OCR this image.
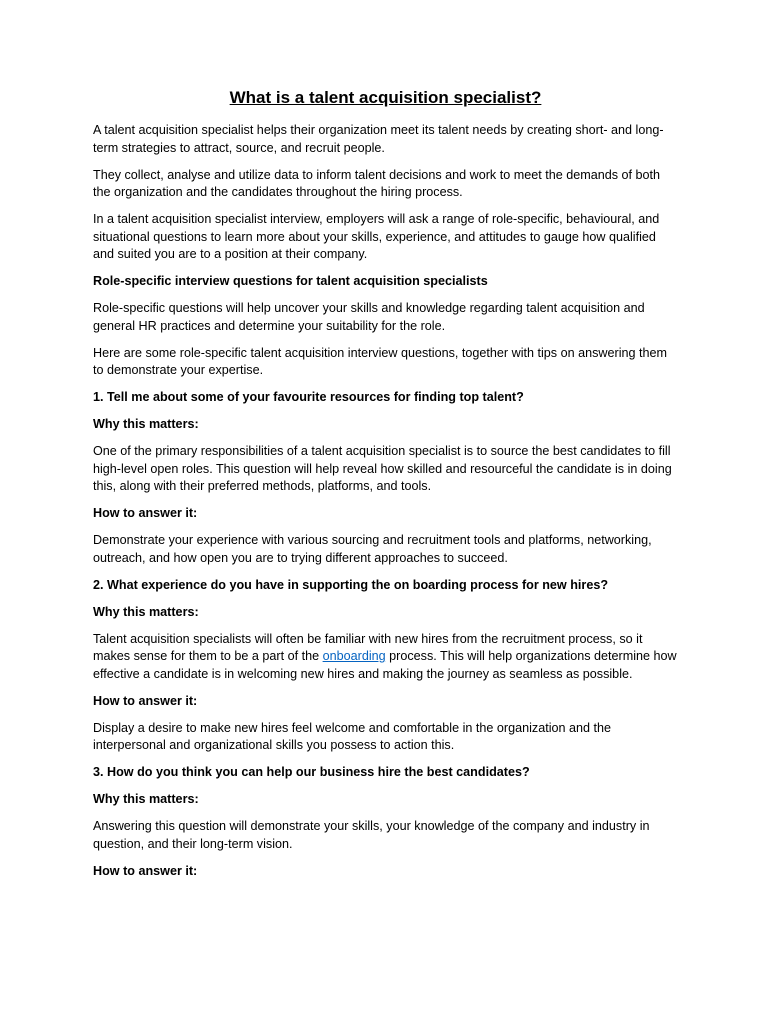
What is a talent acquisition specialist?

A talent acquisition specialist helps their organization meet its talent needs by creating short- and long-term strategies to attract, source, and recruit people.

They collect, analyse and utilize data to inform talent decisions and work to meet the demands of both the organization and the candidates throughout the hiring process.

In a talent acquisition specialist interview, employers will ask a range of role-specific, behavioural, and situational questions to learn more about your skills, experience, and attitudes to gauge how qualified and suited you are to a position at their company.

Role-specific interview questions for talent acquisition specialists

Role-specific questions will help uncover your skills and knowledge regarding talent acquisition and general HR practices and determine your suitability for the role.

Here are some role-specific talent acquisition interview questions, together with tips on answering them to demonstrate your expertise.

1. Tell me about some of your favourite resources for finding top talent?

Why this matters:

One of the primary responsibilities of a talent acquisition specialist is to source the best candidates to fill high-level open roles. This question will help reveal how skilled and resourceful the candidate is in doing this, along with their preferred methods, platforms, and tools.

How to answer it:

Demonstrate your experience with various sourcing and recruitment tools and platforms, networking, outreach, and how open you are to trying different approaches to succeed.

2. What experience do you have in supporting the on boarding process for new hires?

Why this matters:

Talent acquisition specialists will often be familiar with new hires from the recruitment process, so it makes sense for them to be a part of the onboarding process. This will help organizations determine how effective a candidate is in welcoming new hires and making the journey as seamless as possible.

How to answer it:

Display a desire to make new hires feel welcome and comfortable in the organization and the interpersonal and organizational skills you possess to action this.

3. How do you think you can help our business hire the best candidates?

Why this matters:

Answering this question will demonstrate your skills, your knowledge of the company and industry in question, and their long-term vision.

How to answer it:
